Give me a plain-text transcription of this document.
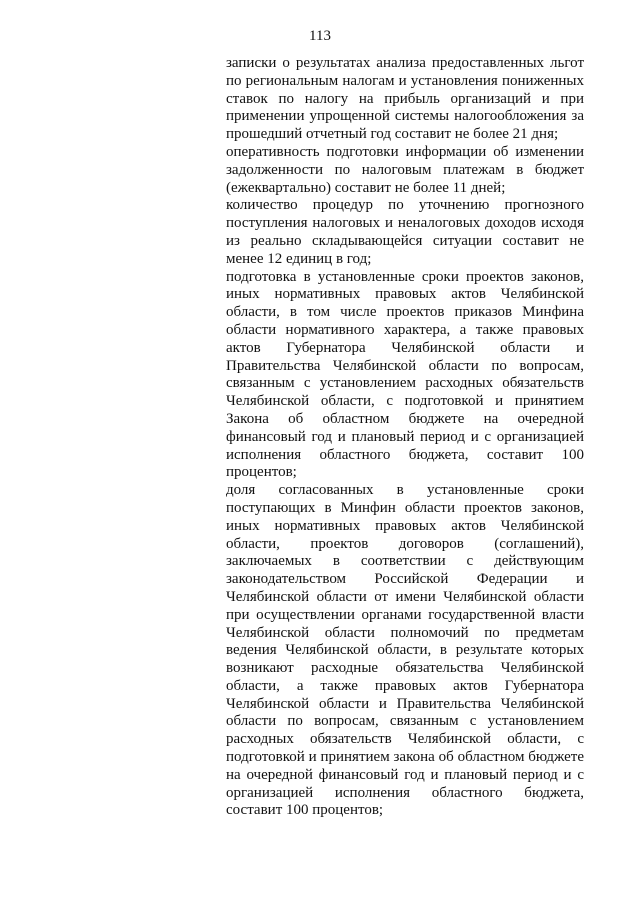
113

записки о результатах анализа предоставленных льгот по региональным налогам и установления пониженных ставок по налогу на прибыль организаций и при применении упрощенной системы налогообложения за прошедший отчетный год составит не более 21 дня;

оперативность подготовки информации об изменении задолженности по налоговым платежам в бюджет (ежеквартально) составит не более 11 дней;

количество процедур по уточнению прогнозного поступления налоговых и неналоговых доходов исходя из реально складывающейся ситуации составит не менее 12 единиц в год;

подготовка в установленные сроки проектов законов, иных нормативных правовых актов Челябинской области, в том числе проектов приказов Минфина области нормативного характера, а также правовых актов Губернатора Челябинской области и Правительства Челябинской области по вопросам, связанным с установлением расходных обязательств Челябинской области, с подготовкой и принятием Закона об областном бюджете на очередной финансовый год и плановый период и с организацией исполнения областного бюджета, составит 100 процентов;

доля согласованных в установленные сроки поступающих в Минфин области проектов законов, иных нормативных правовых актов Челябинской области, проектов договоров (соглашений), заключаемых в соответствии с действующим законодательством Российской Федерации и Челябинской области от имени Челябинской области при осуществлении органами государственной власти Челябинской области полномочий по предметам ведения Челябинской области, в результате которых возникают расходные обязательства Челябинской области, а также правовых актов Губернатора Челябинской области и Правительства Челябинской области по вопросам, связанным с установлением расходных обязательств Челябинской области, с подготовкой и принятием закона об областном бюджете на очередной финансовый год и плановый период и с организацией исполнения областного бюджета, составит 100 процентов;
